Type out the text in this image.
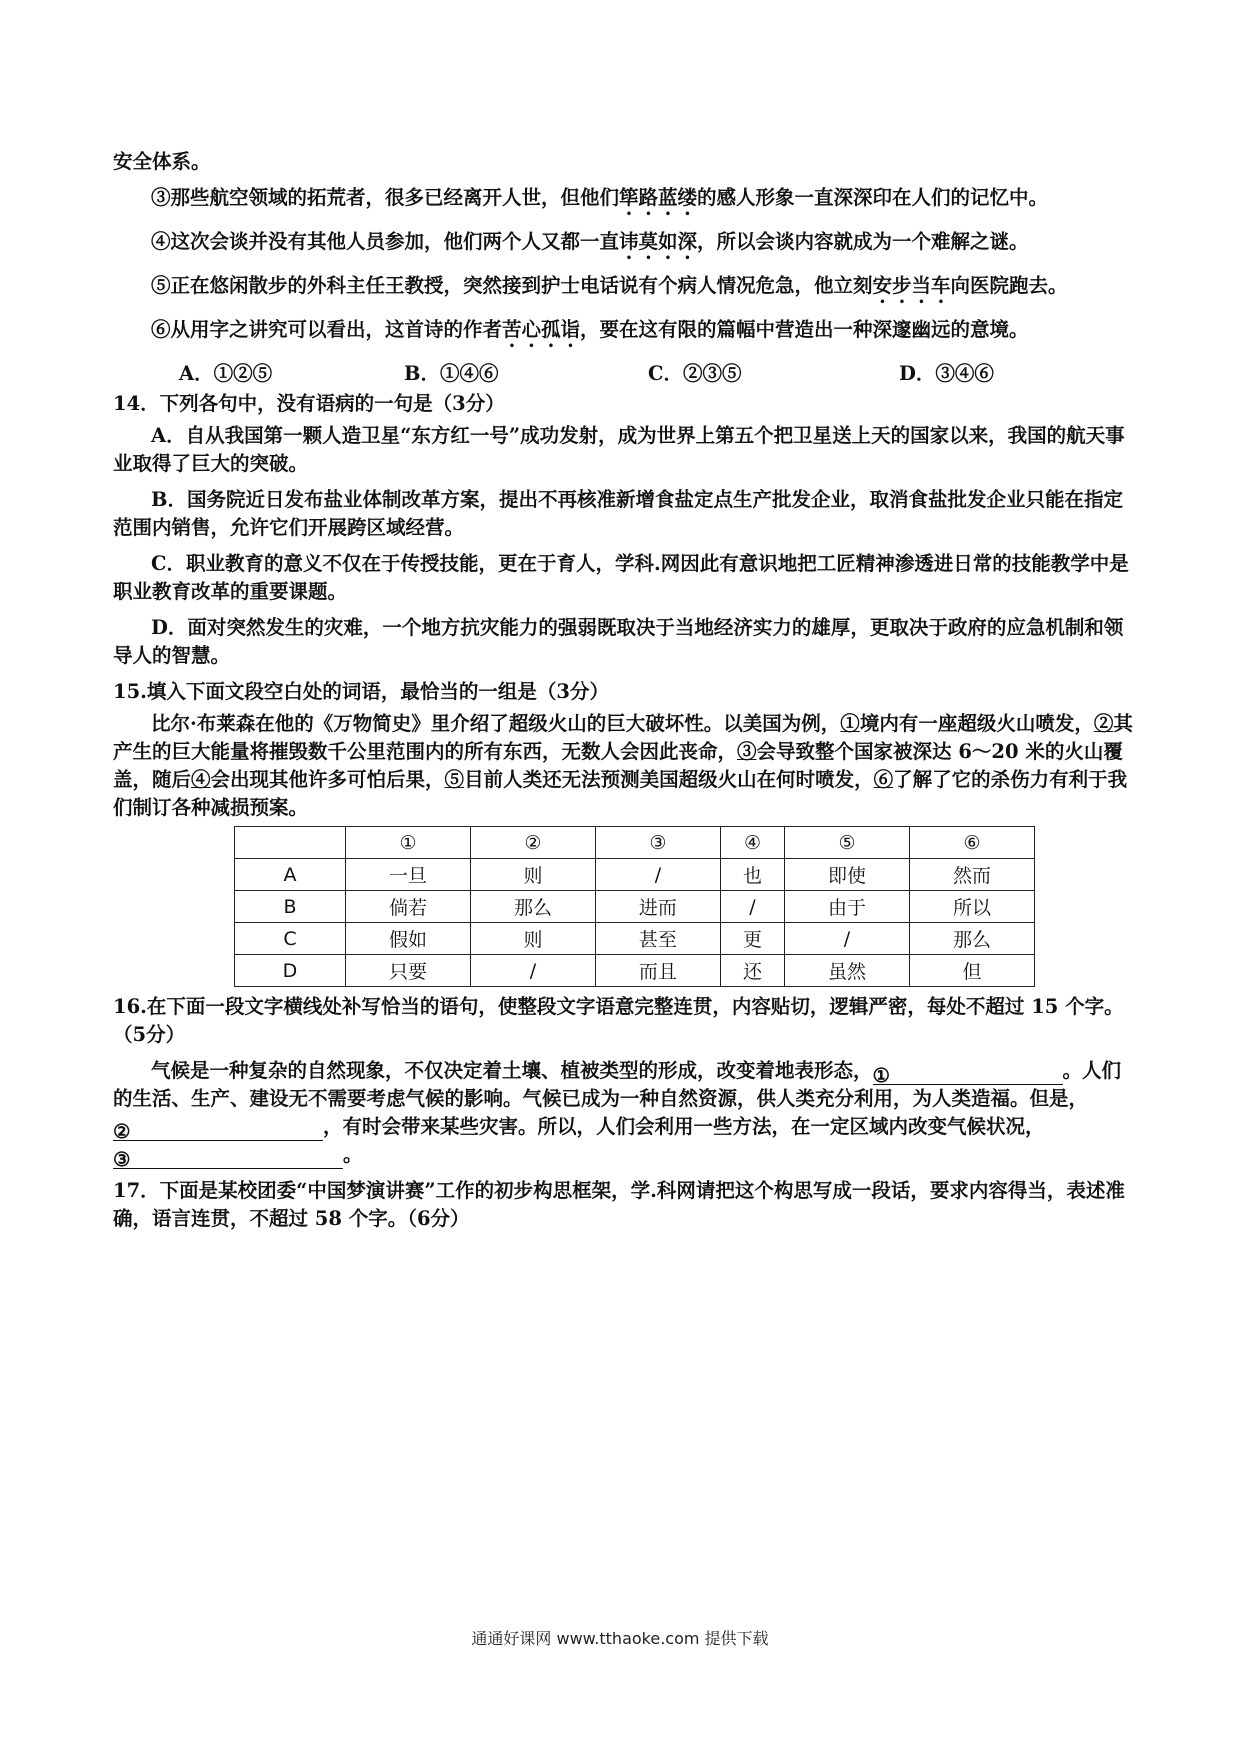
安全体系。

③那些航空领域的拓荒者，很多已经离开人世，但他们筚路蓝缕的感人形象一直深深印在人们的记忆中。

④这次会谈并没有其他人员参加，他们两个人又都一直讳莫如深，所以会谈内容就成为一个难解之谜。

⑤正在悠闲散步的外科主任王教授，突然接到护士电话说有个病人情况危急，他立刻安步当车向医院跑去。

⑥从用字之讲究可以看出，这首诗的作者苦心孤诣，要在这有限的篇幅中营造出一种深邃幽远的意境。

A．①②⑤	B．①④⑥	C．②③⑤	D．③④⑥

14．下列各句中，没有语病的一句是（3分）

A．自从我国第一颗人造卫星“东方红一号”成功发射，成为世界上第五个把卫星送上天的国家以来，我国的航天事业取得了巨大的突破。

B．国务院近日发布盐业体制改革方案，提出不再核准新增食盐定点生产批发企业，取消食盐批发企业只能在指定范围内销售，允许它们开展跨区域经营。

C．职业教育的意义不仅在于传授技能，更在于育人，学科.网因此有意识地把工匠精神渗透进日常的技能教学中是职业教育改革的重要课题。

D．面对突然发生的灾难，一个地方抗灾能力的强弱既取决于当地经济实力的雄厚，更取决于政府的应急机制和领导人的智慧。

15.填入下面文段空白处的词语，最恰当的一组是（3分）

比尔·布莱森在他的《万物简史》里介绍了超级火山的巨大破坏性。以美国为例，①境内有一座超级火山喷发，②其产生的巨大能量将摧毁数千公里范围内的所有东西，无数人会因此丧命，③会导致整个国家被深达 6～20 米的火山覆盖，随后④会出现其他许多可怕后果，⑤目前人类还无法预测美国超级火山在何时喷发，⑥了解了它的杀伤力有利于我们制订各种减损预案。

	①	②	③	④	⑤	⑥
A	一旦	则	/	也	即使	然而
B	倘若	那么	进而	/	由于	所以
C	假如	则	甚至	更	/	那么
D	只要	/	而且	还	虽然	但

16.在下面一段文字横线处补写恰当的语句，使整段文字语意完整连贯，内容贴切，逻辑严密，每处不超过 15 个字。（5分）

气候是一种复杂的自然现象，不仅决定着土壤、植被类型的形成，改变着地表形态，①	。人们的生活、生产、建设无不需要考虑气候的影响。气候已成为一种自然资源，供人类充分利用，为人类造福。但是，②	，有时会带来某些灾害。所以，人们会利用一些方法，在一定区域内改变气候状况，③	。

17．下面是某校团委“中国梦演讲赛”工作的初步构思框架，学.科网请把这个构思写成一段话，要求内容得当，表述准确，语言连贯，不超过 58 个字。（6分）

通通好课网 www.tthaoke.com 提供下载
